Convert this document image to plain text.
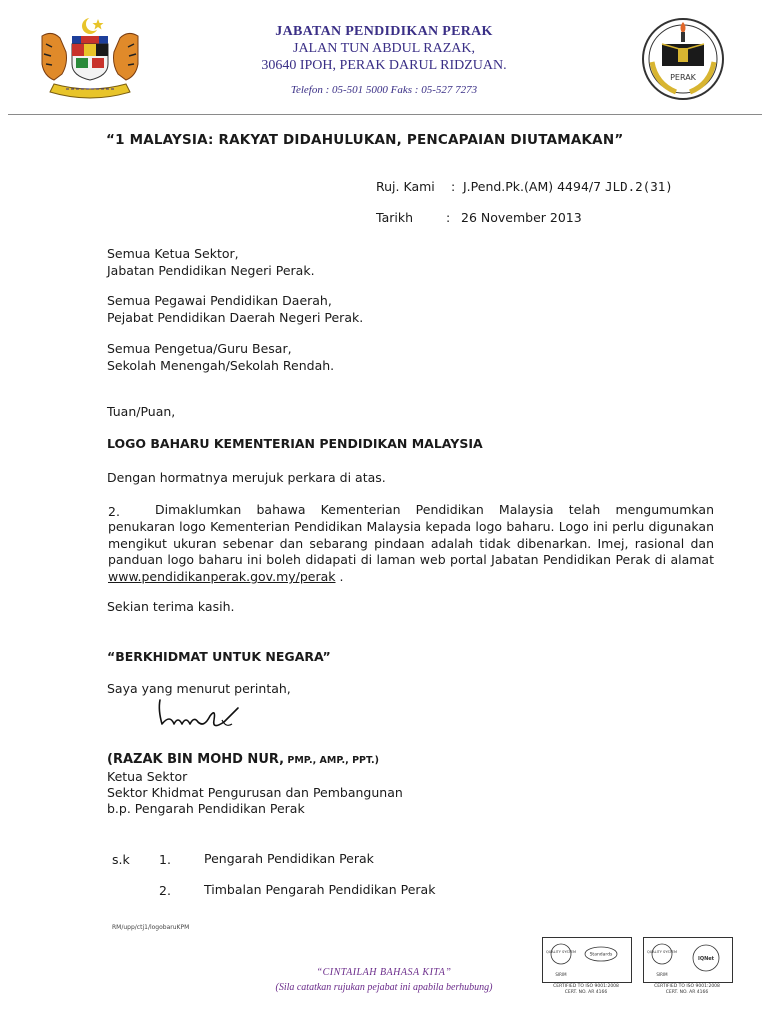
JABATAN PENDIDIKAN PERAK
JALAN TUN ABDUL RAZAK,
30640 IPOH, PERAK DARUL RIDZUAN.
Telefon : 05-501 5000 Faks : 05-527 7273
PERAK
“1 MALAYSIA: RAKYAT DIDAHULUKAN, PENCAPAIAN DIUTAMAKAN”
Ruj. Kami : J.Pend.Pk.(AM) 4494/7 JLD.2(31)
Tarikh	: 26 November 2013
Semua Ketua Sektor,
Jabatan Pendidikan Negeri Perak.
Semua Pegawai Pendidikan Daerah,
Pejabat Pendidikan Daerah Negeri Perak.
Semua Pengetua/Guru Besar,
Sekolah Menengah/Sekolah Rendah.
Tuan/Puan,
LOGO BAHARU KEMENTERIAN PENDIDIKAN MALAYSIA
Dengan hormatnya merujuk perkara di atas.
2.	Dimaklumkan bahawa Kementerian Pendidikan Malaysia telah mengumumkan penukaran logo Kementerian Pendidikan Malaysia kepada logo baharu. Logo ini perlu digunakan mengikut ukuran sebenar dan sebarang pindaan adalah tidak dibenarkan. Imej, rasional dan panduan logo baharu ini boleh didapati di laman web portal Jabatan Pendidikan Perak di alamat www.pendidikanperak.gov.my/perak .
Sekian terima kasih.
“BERKHIDMAT UNTUK NEGARA”
Saya yang menurut perintah,
(RAZAK BIN MOHD NUR, PMP., AMP., PPT.)
Ketua Sektor
Sektor Khidmat Pengurusan dan Pembangunan
b.p. Pengarah Pendidikan Perak
s.k 1.	Pengarah Pendidikan Perak
2.	Timbalan Pengarah Pendidikan Perak
RM/upp/ctj1/logobaruKPM
“CINTAILAH BAHASA KITA”
(Sila catatkan rujukan pejabat ini apabila berhubung)
QUALITY SYSTEM
Standards
SIRIM
CERTIFIED TO ISO 9001:2008
CERT. NO. AR 4166
QUALITY SYSTEM
IQNet
SIRIM
CERTIFIED TO ISO 9001:2008
CERT. NO. AR 4166
